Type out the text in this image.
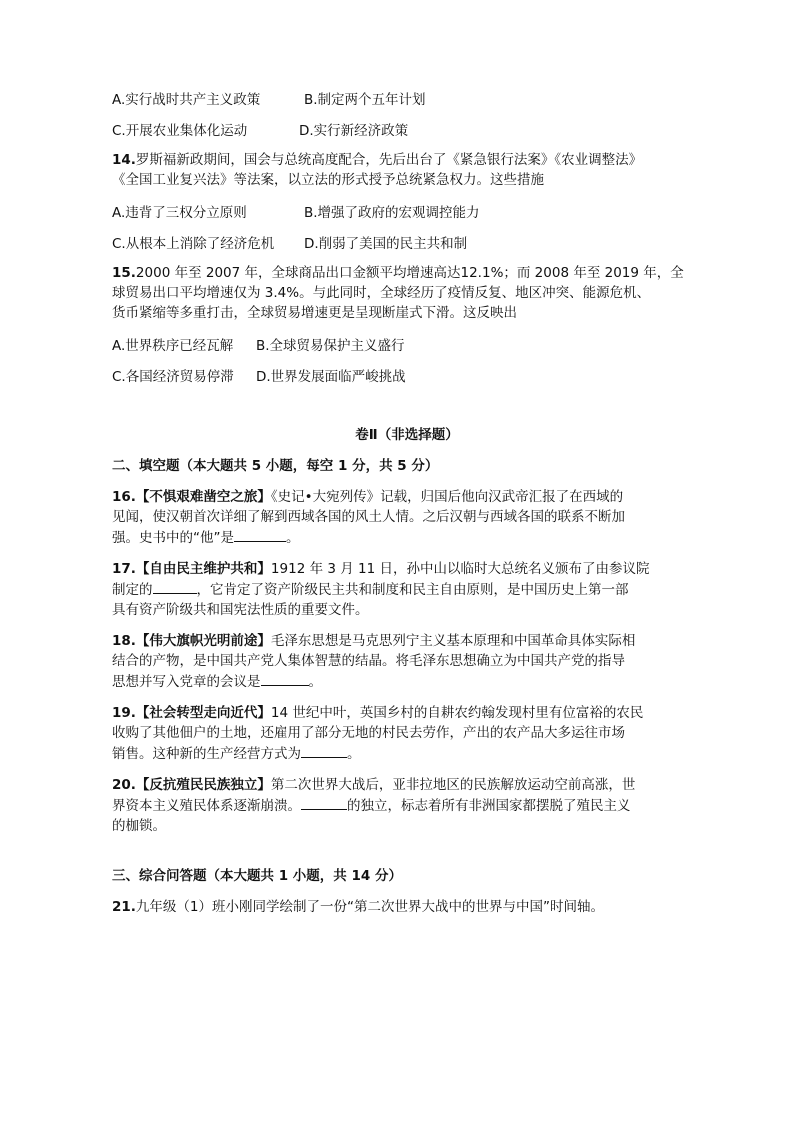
A.实行战时共产主义政策	B.制定两个五年计划
C.开展农业集体化运动	D.实行新经济政策
14.罗斯福新政期间，国会与总统高度配合，先后出台了《紧急银行法案》《农业调整法》
《全国工业复兴法》等法案，以立法的形式授予总统紧急权力。这些措施
A.违背了三权分立原则	B.增强了政府的宏观调控能力
C.从根本上消除了经济危机	D.削弱了美国的民主共和制
15.2000 年至 2007 年，全球商品出口金额平均增速高达12.1%；而 2008 年至 2019 年，全
球贸易出口平均增速仅为 3.4%。与此同时，全球经历了疫情反复、地区冲突、能源危机、
货币紧缩等多重打击，全球贸易增速更是呈现断崖式下滑。这反映出
A.世界秩序已经瓦解	B.全球贸易保护主义盛行
C.各国经济贸易停滞	D.世界发展面临严峻挑战
卷Ⅱ（非选择题）
二、填空题（本大题共 5 小题，每空 1 分，共 5 分）
16.【不惧艰难凿空之旅】《史记•大宛列传》记载，归国后他向汉武帝汇报了在西域的
见闻，使汉朝首次详细了解到西域各国的风土人情。之后汉朝与西域各国的联系不断加
强。史书中的“他”是	。
17.【自由民主维护共和】1912 年 3 月 11 日，孙中山以临时大总统名义颁布了由参议院
制定的	，它肯定了资产阶级民主共和制度和民主自由原则，是中国历史上第一部
具有资产阶级共和国宪法性质的重要文件。
18.【伟大旗帜光明前途】毛泽东思想是马克思列宁主义基本原理和中国革命具体实际相
结合的产物，是中国共产党人集体智慧的结晶。将毛泽东思想确立为中国共产党的指导
思想并写入党章的会议是	。
19.【社会转型走向近代】14 世纪中叶，英国乡村的自耕农约翰发现村里有位富裕的农民
收购了其他佃户的土地，还雇用了部分无地的村民去劳作，产出的农产品大多运往市场
销售。这种新的生产经营方式为	。
20.【反抗殖民民族独立】第二次世界大战后，亚非拉地区的民族解放运动空前高涨，世
界资本主义殖民体系逐渐崩溃。	的独立，标志着所有非洲国家都摆脱了殖民主义
的枷锁。
三、综合问答题（本大题共 1 小题，共 14 分）
21.九年级（1）班小刚同学绘制了一份“第二次世界大战中的世界与中国”时间轴。
